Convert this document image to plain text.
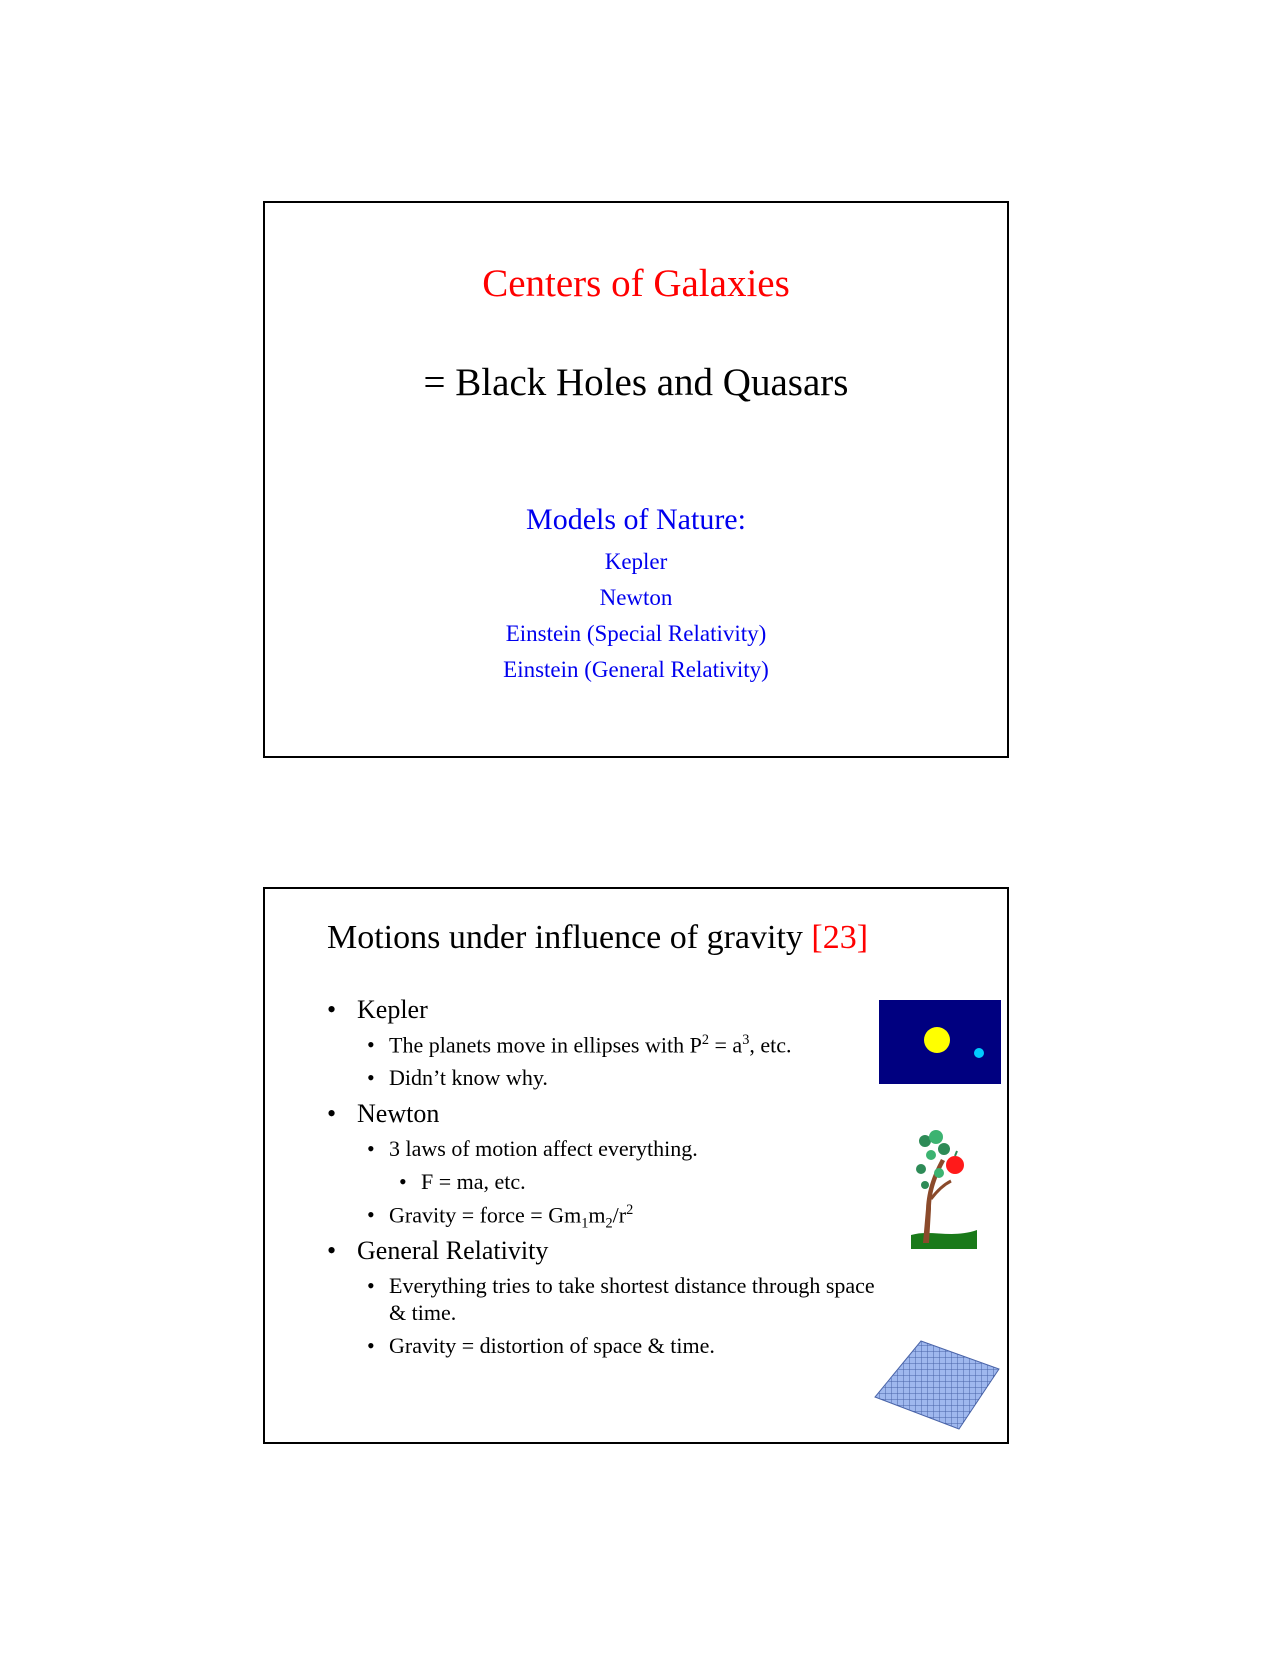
Centers of Galaxies
= Black Holes and Quasars
Models of Nature:
Kepler
Newton
Einstein (Special Relativity)
Einstein (General Relativity)
Motions under influence of gravity [23]
• Kepler
• The planets move in ellipses with $P^2 = a^3$, etc.
• Didn’t know why.
• Newton
• 3 laws of motion affect everything.
• F = ma, etc.
• Gravity = force = $Gm_1m_2/r^2$
• General Relativity
• Everything tries to take shortest distance through space
& time.
• Gravity = distortion of space & time.
